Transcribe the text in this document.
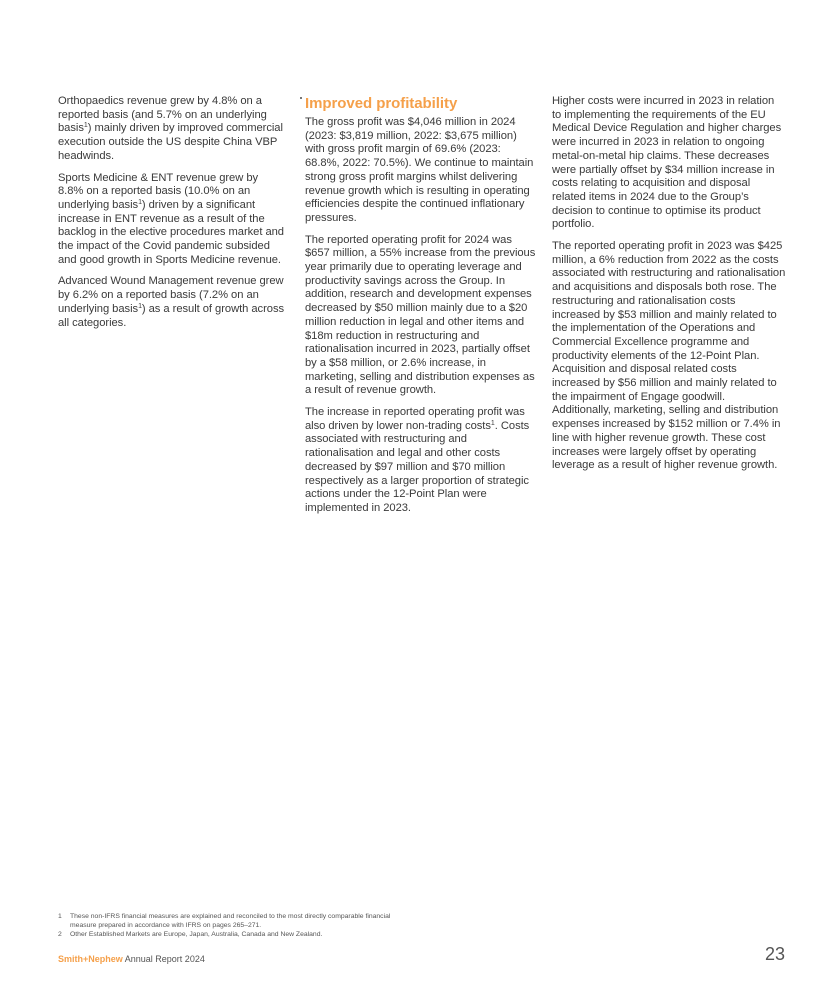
Orthopaedics revenue grew by 4.8% on a reported basis (and 5.7% on an underlying basis$^1$) mainly driven by improved commercial execution outside the US despite China VBP headwinds.

Sports Medicine & ENT revenue grew by 8.8% on a reported basis (10.0% on an underlying basis$^1$) driven by a significant increase in ENT revenue as a result of the backlog in the elective procedures market and the impact of the Covid pandemic subsided and good growth in Sports Medicine revenue.

Advanced Wound Management revenue grew by 6.2% on a reported basis (7.2% on an underlying basis$^1$) as a result of growth across all categories.

Improved profitability

The gross profit was $4,046 million in 2024 (2023: $3,819 million, 2022: $3,675 million) with gross profit margin of 69.6% (2023: 68.8%, 2022: 70.5%). We continue to maintain strong gross profit margins whilst delivering revenue growth which is resulting in operating efficiencies despite the continued inflationary pressures.

The reported operating profit for 2024 was $657 million, a 55% increase from the previous year primarily due to operating leverage and productivity savings across the Group. In addition, research and development expenses decreased by $50 million mainly due to a $20 million reduction in legal and other items and $18m reduction in restructuring and rationalisation incurred in 2023, partially offset by a $58 million, or 2.6% increase, in marketing, selling and distribution expenses as a result of revenue growth.

The increase in reported operating profit was also driven by lower non-trading costs$^1$. Costs associated with restructuring and rationalisation and legal and other costs decreased by $97 million and $70 million respectively as a larger proportion of strategic actions under the 12-Point Plan were implemented in 2023.

Higher costs were incurred in 2023 in relation to implementing the requirements of the EU Medical Device Regulation and higher charges were incurred in 2023 in relation to ongoing metal-on-metal hip claims. These decreases were partially offset by $34 million increase in costs relating to acquisition and disposal related items in 2024 due to the Group’s decision to continue to optimise its product portfolio.

The reported operating profit in 2023 was $425 million, a 6% reduction from 2022 as the costs associated with restructuring and rationalisation and acquisitions and disposals both rose. The restructuring and rationalisation costs increased by $53 million and mainly related to the implementation of the Operations and Commercial Excellence programme and productivity elements of the 12-Point Plan. Acquisition and disposal related costs increased by $56 million and mainly related to the impairment of Engage goodwill. Additionally, marketing, selling and distribution expenses increased by $152 million or 7.4% in line with higher revenue growth. These cost increases were largely offset by operating leverage as a result of higher revenue growth.

1	These non-IFRS financial measures are explained and reconciled to the most directly comparable financial measure prepared in accordance with IFRS on pages 265–271.
2	Other Established Markets are Europe, Japan, Australia, Canada and New Zealand.
Smith+Nephew Annual Report 2024	23
